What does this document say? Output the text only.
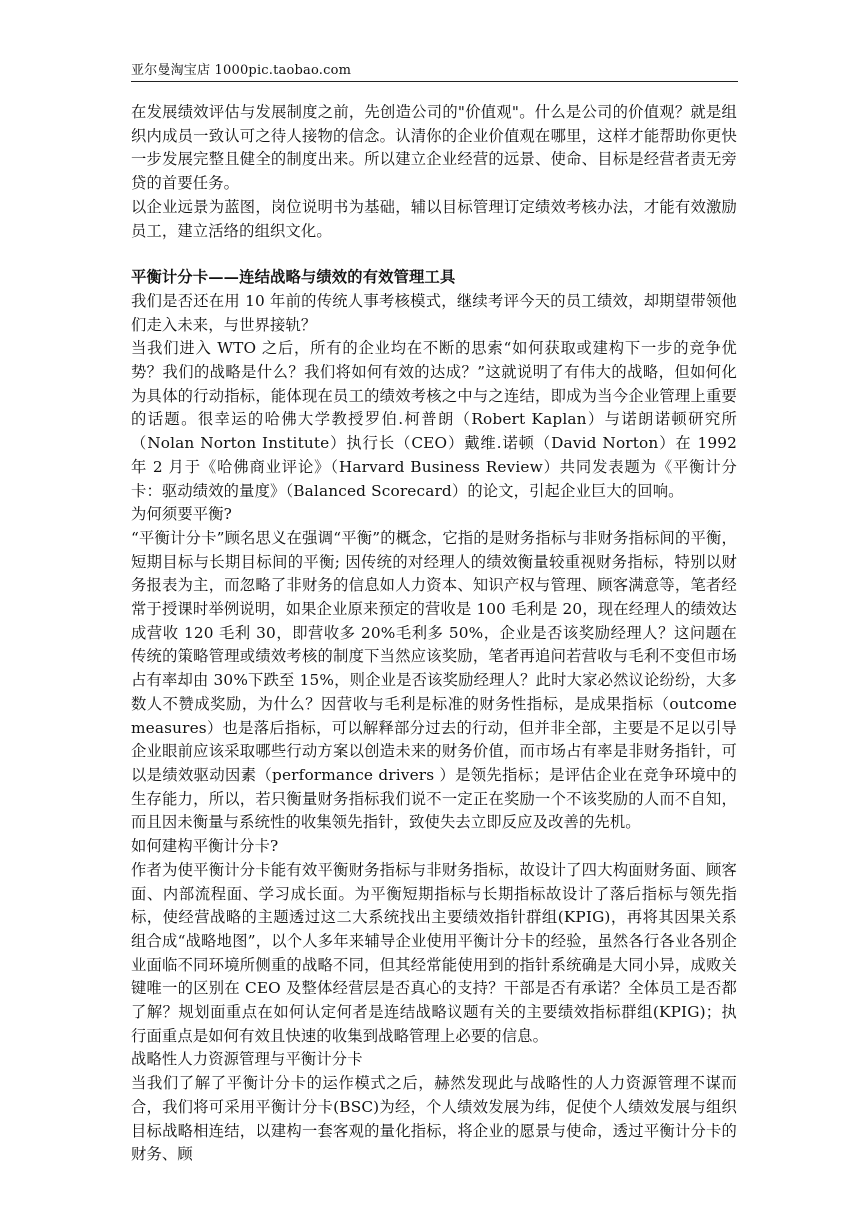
亚尔曼淘宝店 1000pic.taobao.com

在发展绩效评估与发展制度之前，先创造公司的"价值观"。什么是公司的价值观？就是组织内成员一致认可之待人接物的信念。认清你的企业价值观在哪里，这样才能帮助你更快一步发展完整且健全的制度出来。所以建立企业经营的远景、使命、目标是经营者责无旁贷的首要任务。

以企业远景为蓝图，岗位说明书为基础，辅以目标管理订定绩效考核办法，才能有效激励员工，建立活络的组织文化。

平衡计分卡——连结战略与绩效的有效管理工具

我们是否还在用 10 年前的传统人事考核模式，继续考评今天的员工绩效，却期望带领他们走入未来，与世界接轨？

当我们进入 WTO 之后，所有的企业均在不断的思索“如何获取或建构下一步的竞争优势？我们的战略是什么？我们将如何有效的达成？”这就说明了有伟大的战略，但如何化为具体的行动指标，能体现在员工的绩效考核之中与之连结，即成为当今企业管理上重要的话题。很幸运的哈佛大学教授罗伯.柯普朗（Robert Kaplan）与诺朗诺顿研究所（Nolan Norton Institute）执行长（CEO）戴维.诺顿（David Norton）在 1992 年 2 月于《哈佛商业评论》（Harvard Business Review）共同发表题为《平衡计分卡：驱动绩效的量度》（Balanced Scorecard）的论文，引起企业巨大的回响。

为何须要平衡?

“平衡计分卡”顾名思义在强调“平衡”的概念，它指的是财务指标与非财务指标间的平衡，短期目标与长期目标间的平衡; 因传统的对经理人的绩效衡量较重视财务指标，特别以财务报表为主，而忽略了非财务的信息如人力资本、知识产权与管理、顾客满意等，笔者经常于授课时举例说明，如果企业原来预定的营收是 100 毛利是 20，现在经理人的绩效达成营收 120 毛利 30，即营收多 20%毛利多 50%，企业是否该奖励经理人？这问题在传统的策略管理或绩效考核的制度下当然应该奖励，笔者再追问若营收与毛利不变但市场占有率却由 30%下跌至 15%，则企业是否该奖励经理人？此时大家必然议论纷纷，大多数人不赞成奖励，为什么？因营收与毛利是标准的财务性指标，是成果指标（outcome measures）也是落后指标，可以解释部分过去的行动，但并非全部，主要是不足以引导企业眼前应该采取哪些行动方案以创造未来的财务价值，而市场占有率是非财务指针，可以是绩效驱动因素（performance drivers ）是领先指标；是评估企业在竞争环境中的生存能力，所以，若只衡量财务指标我们说不一定正在奖励一个不该奖励的人而不自知，而且因未衡量与系统性的收集领先指针，致使失去立即反应及改善的先机。

如何建构平衡计分卡?

作者为使平衡计分卡能有效平衡财务指标与非财务指标，故设计了四大构面财务面、顾客面、内部流程面、学习成长面。为平衡短期指标与长期指标故设计了落后指标与领先指标，使经营战略的主题透过这二大系统找出主要绩效指针群组(KPIG)，再将其因果关系组合成“战略地图”，以个人多年来辅导企业使用平衡计分卡的经验，虽然各行各业各别企业面临不同环境所侧重的战略不同，但其经常能使用到的指针系统确是大同小异，成败关键唯一的区别在 CEO 及整体经营层是否真心的支持？干部是否有承诺？全体员工是否都了解？规划面重点在如何认定何者是连结战略议题有关的主要绩效指标群组(KPIG)；执行面重点是如何有效且快速的收集到战略管理上必要的信息。

战略性人力资源管理与平衡计分卡

当我们了解了平衡计分卡的运作模式之后，赫然发现此与战略性的人力资源管理不谋而合，我们将可采用平衡计分卡(BSC)为经，个人绩效发展为纬，促使个人绩效发展与组织目标战略相连结，以建构一套客观的量化指标，将企业的愿景与使命，透过平衡计分卡的财务、顾
